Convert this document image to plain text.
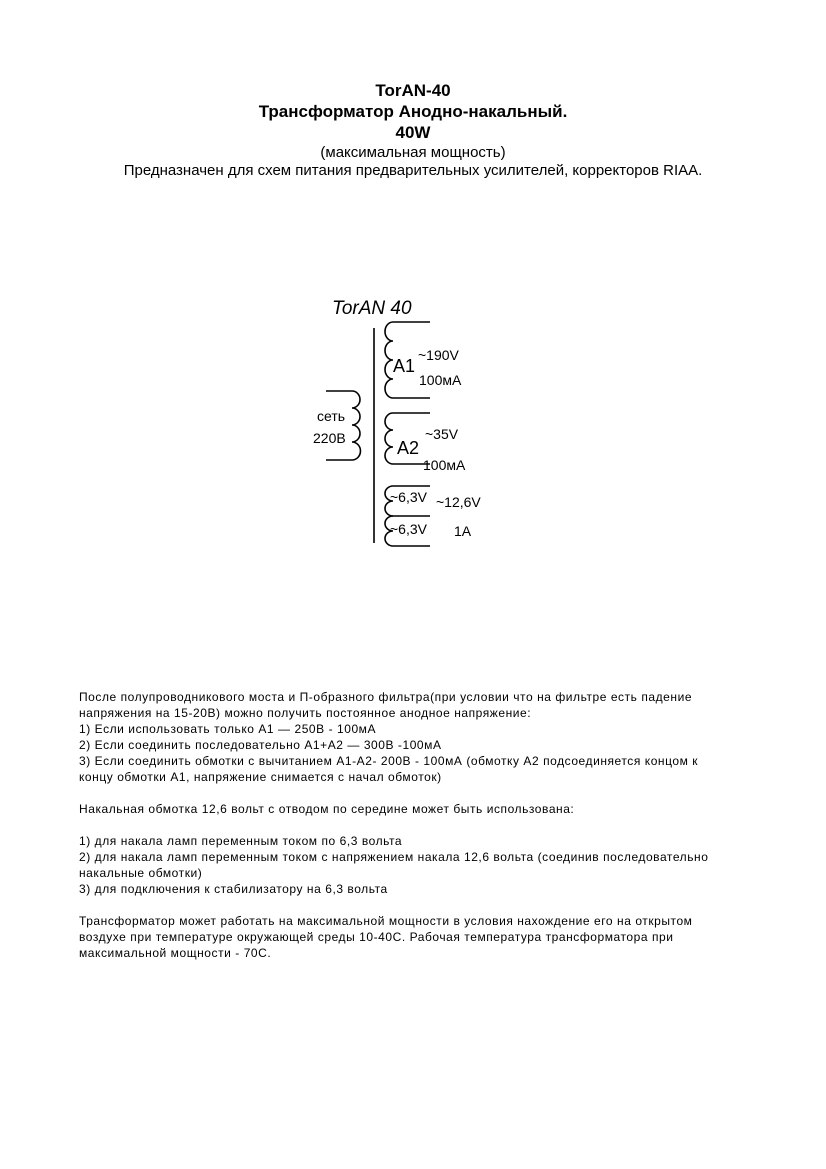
TorAN-40
Трансформатор Анодно-накальный.
40W
(максимальная мощность)
Предназначен для схем питания предварительных усилителей, корректоров RIAA.
TorAN 40
сеть
220В
A1
~190V
100мА
A2
~35V
100мА
~6,3V ~12,6V
~6,3V 1A

После полупроводникового моста и П-образного фильтра(при условии что на фильтре есть падение

напряжения на 15-20В) можно получить постоянное анодное напряжение:

1) Если использовать только А1 — 250В - 100мА

2) Если соединить последовательно А1+А2 — 300В -100мА

3) Если соединить обмотки с вычитанием А1-А2- 200В - 100мА (обмотку А2 подсоединяется концом к

концу обмотки А1, напряжение снимается с начал обмоток)

Накальная обмотка 12,6 вольт с отводом по середине может быть использована:

1) для накала ламп переменным током по 6,3 вольта

2) для накала ламп переменным током с напряжением накала 12,6 вольта (соединив последовательно

накальные обмотки)

3) для подключения к стабилизатору на 6,3 вольта

Трансформатор может работать на максимальной мощности в условия нахождение его на открытом

воздухе при температуре окружающей среды 10-40С. Рабочая температура трансформатора при

максимальной мощности - 70С.
